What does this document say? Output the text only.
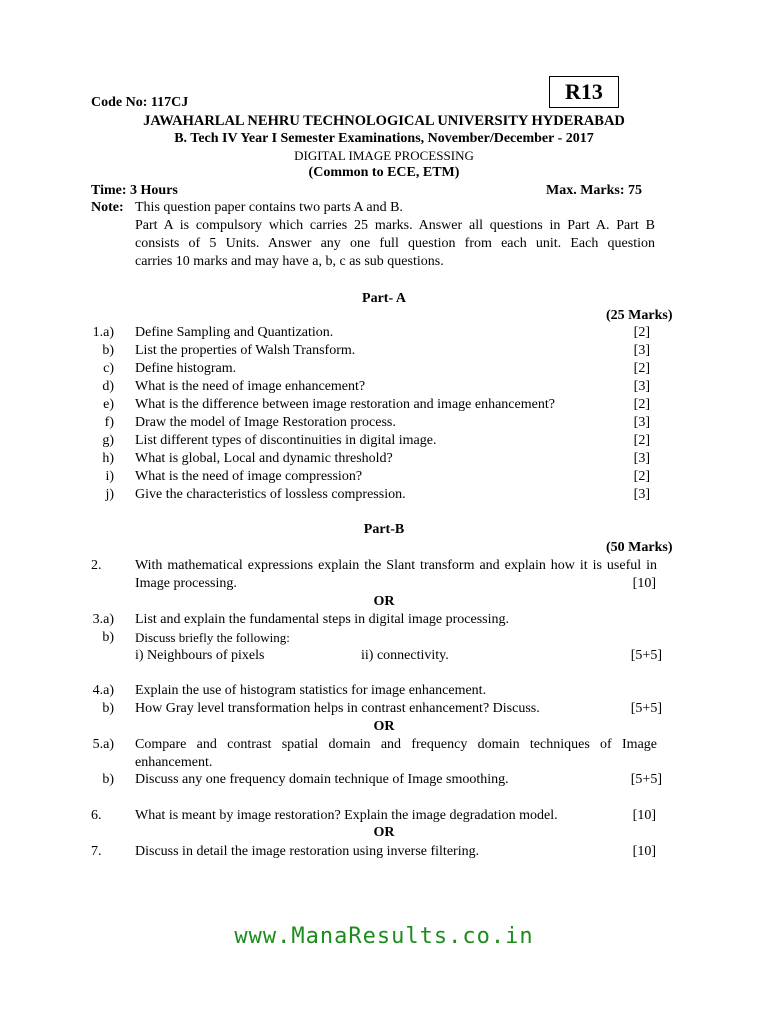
R13
Code No: 117CJ
JAWAHARLAL NEHRU TECHNOLOGICAL UNIVERSITY HYDERABAD
B. Tech IV Year I Semester Examinations, November/December - 2017
DIGITAL IMAGE PROCESSING
(Common to ECE, ETM)
Time: 3 Hours	Max. Marks: 75
Note: This question paper contains two parts A and B.
Part A is compulsory which carries 25 marks. Answer all questions in Part A. Part B
consists of 5 Units. Answer any one full question from each unit. Each question
carries 10 marks and may have a, b, c as sub questions.
Part- A
(25 Marks)
1.a) Define Sampling and Quantization.	[2]
b) List the properties of Walsh Transform.	[3]
c) Define histogram.	[2]
d) What is the need of image enhancement?	[3]
e) What is the difference between image restoration and image enhancement?	[2]
f) Draw the model of Image Restoration process.	[3]
g) List different types of discontinuities in digital image.	[2]
h) What is global, Local and dynamic threshold?	[3]
i) What is the need of image compression?	[2]
j) Give the characteristics of lossless compression.	[3]
Part-B
(50 Marks)
2.	With mathematical expressions explain the Slant transform and explain how it is useful in
Image processing.	[10]
OR
3.a) List and explain the fundamental steps in digital image processing.
b) Discuss briefly the following:
i) Neighbours of pixels	ii) connectivity.	[5+5]
4.a) Explain the use of histogram statistics for image enhancement.
b) How Gray level transformation helps in contrast enhancement? Discuss.	[5+5]
OR
5.a) Compare and contrast spatial domain and frequency domain techniques of Image
enhancement.
b) Discuss any one frequency domain technique of Image smoothing.	[5+5]
6.	What is meant by image restoration? Explain the image degradation model.	[10]
OR
7.	Discuss in detail the image restoration using inverse filtering.	[10]
www.ManaResults.co.in
